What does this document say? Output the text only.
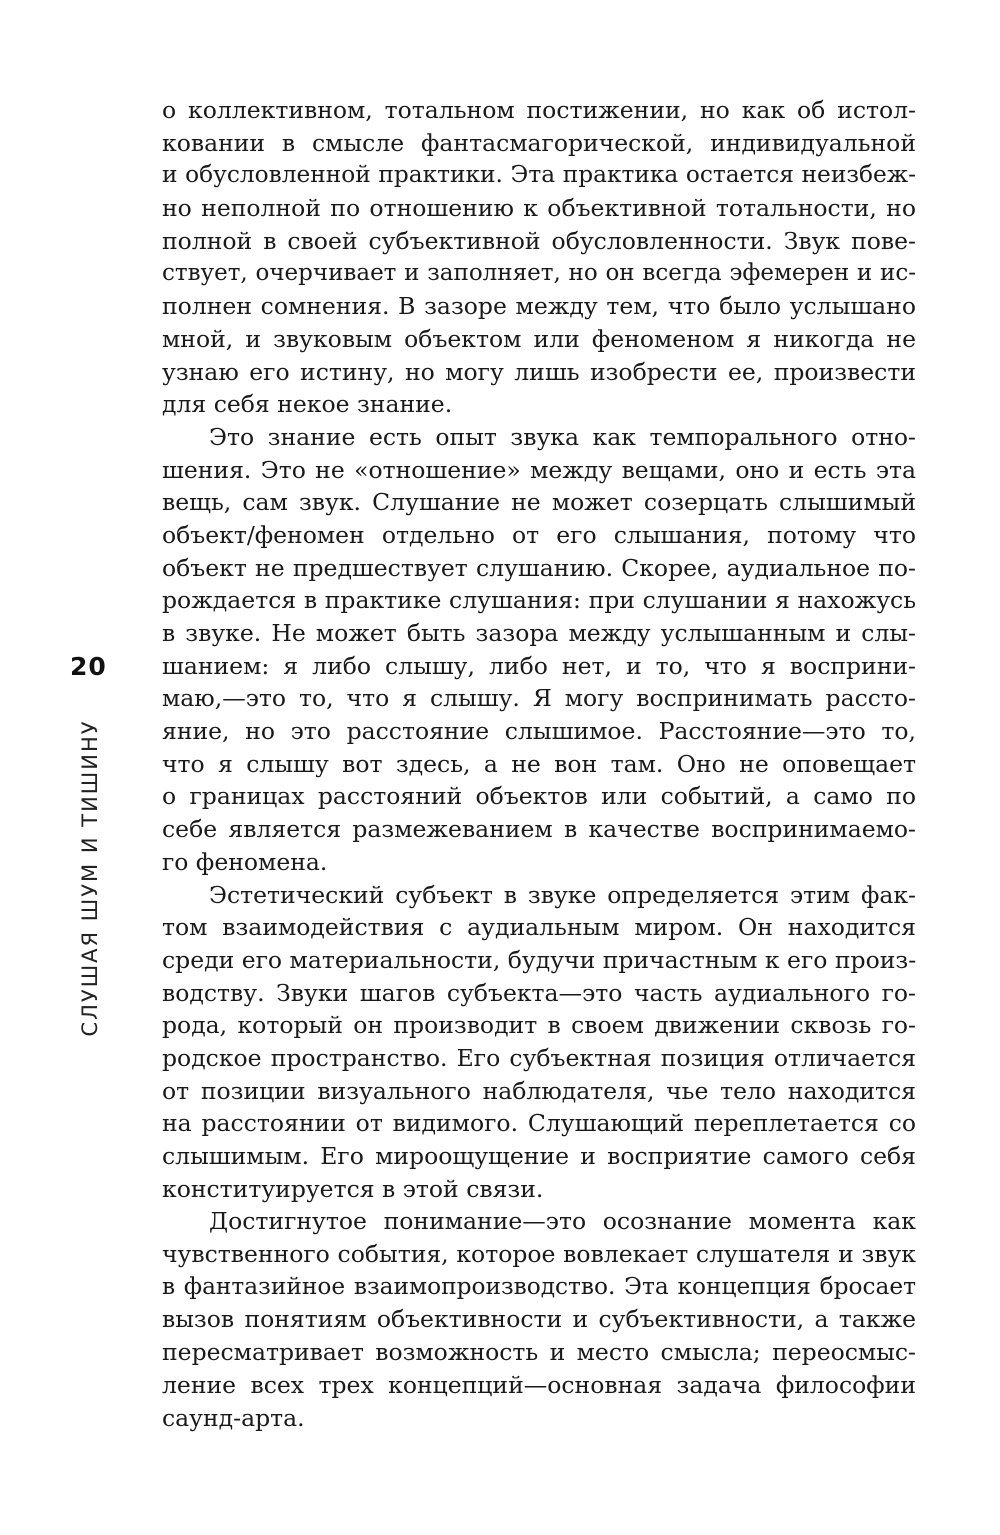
20
СЛУШАЯ ШУМ И ТИШИНУ
о коллективном, тотальном постижении, но как об истол-
ковании в смысле фантасмагорической, индивидуальной
и обусловленной практики. Эта практика остается неизбеж-
но неполной по отношению к объективной тотальности, но
полной в своей субъективной обусловленности. Звук пове-
ствует, очерчивает и заполняет, но он всегда эфемерен и ис-
полнен сомнения. В зазоре между тем, что было услышано
мной, и звуковым объектом или феноменом я никогда не
узнаю его истину, но могу лишь изобрести ее, произвести
для себя некое знание.
Это знание есть опыт звука как темпорального отно-
шения. Это не «отношение» между вещами, оно и есть эта
вещь, сам звук. Слушание не может созерцать слышимый
объект/феномен отдельно от его слышания, потому что
объект не предшествует слушанию. Скорее, аудиальное по-
рождается в практике слушания: при слушании я нахожусь
в звуке. Не может быть зазора между услышанным и слы-
шанием: я либо слышу, либо нет, и то, что я восприни-
маю,—это то, что я слышу. Я могу воспринимать рассто-
яние, но это расстояние слышимое. Расстояние—это то,
что я слышу вот здесь, а не вон там. Оно не оповещает
о границах расстояний объектов или событий, а само по
себе является размежеванием в качестве воспринимаемо-
го феномена.
Эстетический субъект в звуке определяется этим фак-
том взаимодействия с аудиальным миром. Он находится
среди его материальности, будучи причастным к его произ-
водству. Звуки шагов субъекта—это часть аудиального го-
рода, который он производит в своем движении сквозь го-
родское пространство. Его субъектная позиция отличается
от позиции визуального наблюдателя, чье тело находится
на расстоянии от видимого. Слушающий переплетается со
слышимым. Его мироощущение и восприятие самого себя
конституируется в этой связи.
Достигнутое понимание—это осознание момента как
чувственного события, которое вовлекает слушателя и звук
в фантазийное взаимопроизводство. Эта концепция бросает
вызов понятиям объективности и субъективности, а также
пересматривает возможность и место смысла; переосмыс-
ление всех трех концепций—основная задача философии
саунд-арта.
